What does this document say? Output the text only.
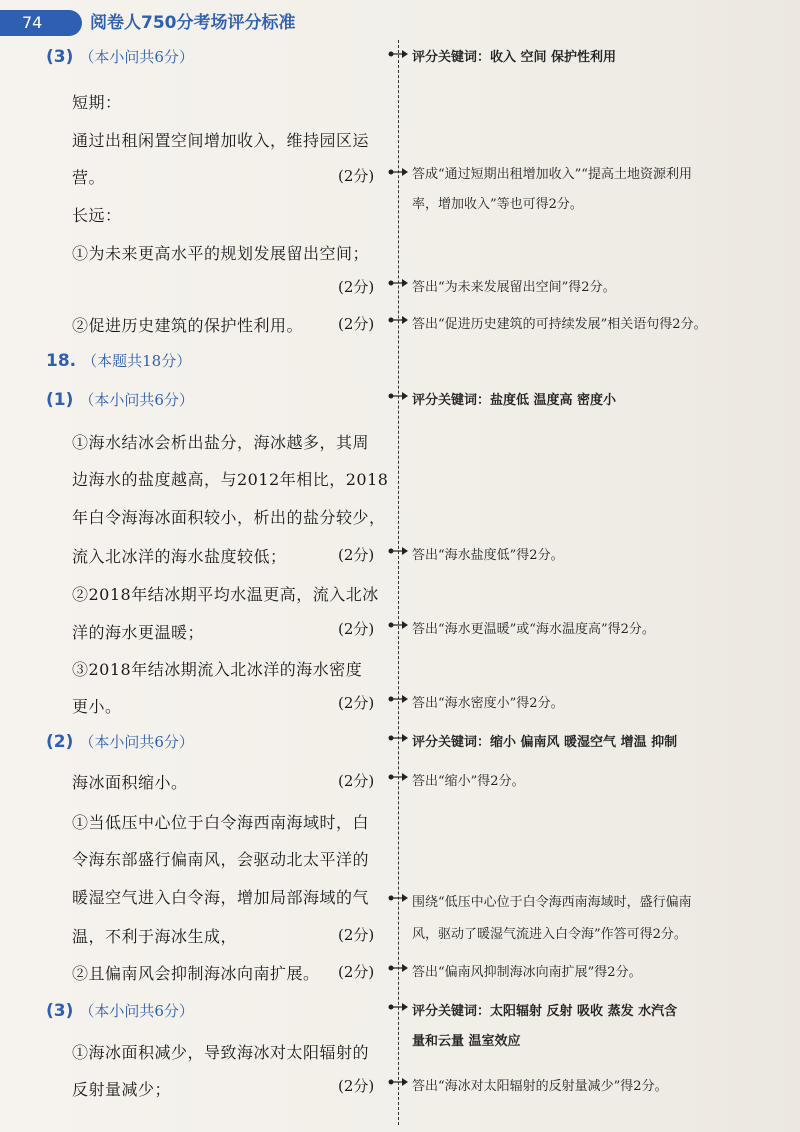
74	阅卷人750分考场评分标准
(3) （本小问共6分）	评分关键词：收入 空间 保护性利用
短期：
通过出租闲置空间增加收入，维持园区运
营。	(2分)	答成“通过短期出租增加收入”“提高土地资源利用
率，增加收入”等也可得2分。
长远：
①为未来更高水平的规划发展留出空间；
(2分)	答出“为未来发展留出空间”得2分。
②促进历史建筑的保护性利用。 (2分)	答出“促进历史建筑的可持续发展”相关语句得2分。
18. （本题共18分）
(1) （本小问共6分）	评分关键词：盐度低 温度高 密度小
①海水结冰会析出盐分，海冰越多，其周
边海水的盐度越高，与2012年相比，2018
年白令海海冰面积较小，析出的盐分较少，
流入北冰洋的海水盐度较低；	(2分)	答出“海水盐度低”得2分。
②2018年结冰期平均水温更高，流入北冰
洋的海水更温暖；	(2分)	答出“海水更温暖”或“海水温度高”得2分。
③2018年结冰期流入北冰洋的海水密度
更小。	(2分)	答出“海水密度小”得2分。
(2) （本小问共6分）	评分关键词：缩小 偏南风 暖湿空气 增温 抑制
海冰面积缩小。	(2分)	答出“缩小”得2分。
①当低压中心位于白令海西南海域时，白
令海东部盛行偏南风，会驱动北太平洋的
暖湿空气进入白令海，增加局部海域的气	围绕“低压中心位于白令海西南海域时，盛行偏南
风，驱动了暖湿气流进入白令海”作答可得2分。
温，不利于海冰生成，	(2分)
②且偏南风会抑制海冰向南扩展。 (2分)	答出“偏南风抑制海冰向南扩展”得2分。
(3) （本小问共6分）	评分关键词：太阳辐射 反射 吸收 蒸发 水汽含
量和云量 温室效应
①海冰面积减少，导致海冰对太阳辐射的
反射量减少；	(2分)	答出“海冰对太阳辐射的反射量减少”得2分。
